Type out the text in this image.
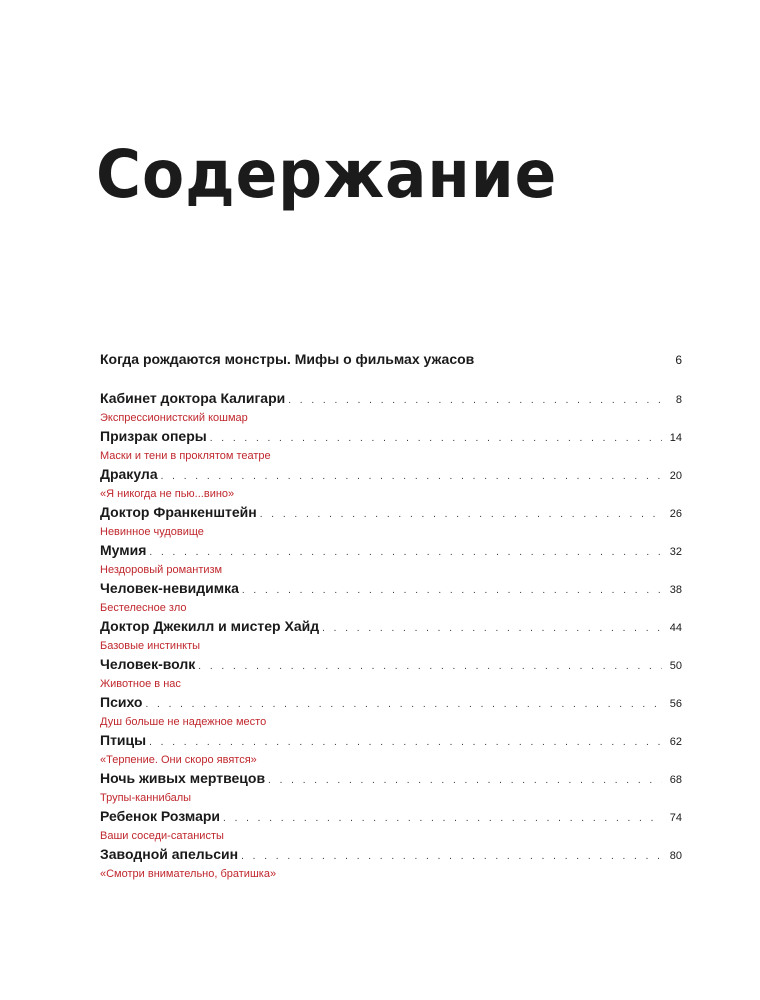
Содержание
Когда рождаются монстры. Мифы о фильмах ужасов	6
Кабинет доктора Калигари . . .	8
Экспрессионистский кошмар
Призрак оперы . . .	14
Маски и тени в проклятом театре
Дракула . . .	20
«Я никогда не пью...вино»
Доктор Франкенштейн . . .	26
Невинное чудовище
Мумия . . .	32
Нездоровый романтизм
Человек-невидимка . . .	38
Бестелесное зло
Доктор Джекилл и мистер Хайд . . .	44
Базовые инстинкты
Человек-волк . . .	50
Животное в нас
Психо . . .	56
Душ больше не надежное место
Птицы . . .	62
«Терпение. Они скоро явятся»
Ночь живых мертвецов . . .	68
Трупы-каннибалы
Ребенок Розмари . . .	74
Ваши соседи-сатанисты
Заводной апельсин . . .	80
«Смотри внимательно, братишка»
